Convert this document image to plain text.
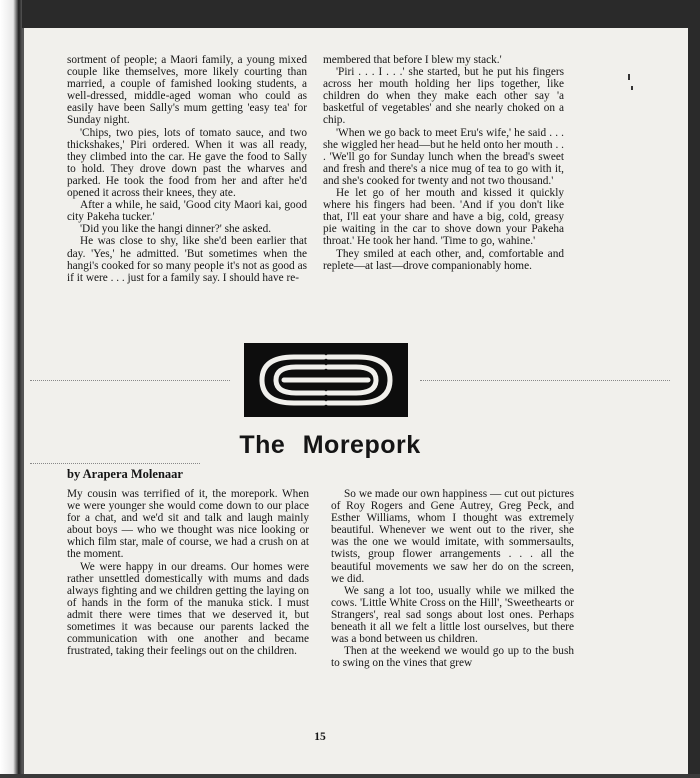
sortment of people; a Maori family, a young mixed couple like themselves, more likely courting than married, a couple of famished looking students, a well-dressed, middle-aged woman who could as easily have been Sally's mum getting 'easy tea' for Sunday night.

'Chips, two pies, lots of tomato sauce, and two thickshakes,' Piri ordered. When it was all ready, they climbed into the car. He gave the food to Sally to hold. They drove down past the wharves and parked. He took the food from her and after he'd opened it across their knees, they ate.

After a while, he said, 'Good city Maori kai, good city Pakeha tucker.'

'Did you like the hangi dinner?' she asked.

He was close to shy, like she'd been earlier that day. 'Yes,' he admitted. 'But sometimes when the hangi's cooked for so many people it's not as good as if it were . . . just for a family say. I should have re-

membered that before I blew my stack.'

'Piri . . . I . . .' she started, but he put his fingers across her mouth holding her lips together, like children do when they make each other say 'a basketful of vegetables' and she nearly choked on a chip.

'When we go back to meet Eru's wife,' he said . . . she wiggled her head—but he held onto her mouth . . . 'We'll go for Sunday lunch when the bread's sweet and fresh and there's a nice mug of tea to go with it, and she's cooked for twenty and not two thousand.'

He let go of her mouth and kissed it quickly where his fingers had been. 'And if you don't like that, I'll eat your share and have a big, cold, greasy pie waiting in the car to shove down your Pakeha throat.' He took her hand. 'Time to go, wahine.'

They smiled at each other, and, comfortable and replete—at last—drove companionably home.

The Morepork
by Arapera Molenaar

My cousin was terrified of it, the morepork. When we were younger she would come down to our place for a chat, and we'd sit and talk and laugh mainly about boys — who we thought was nice looking or which film star, male of course, we had a crush on at the moment.

We were happy in our dreams. Our homes were rather unsettled domestically with mums and dads always fighting and we children getting the laying on of hands in the form of the manuka stick. I must admit there were times that we deserved it, but sometimes it was because our parents lacked the communication with one another and became frustrated, taking their feelings out on the children.

So we made our own happiness — cut out pictures of Roy Rogers and Gene Autrey, Greg Peck, and Esther Williams, whom I thought was extremely beautiful. Whenever we went out to the river, she was the one we would imitate, with sommersaults, twists, group flower arrangements . . . all the beautiful movements we saw her do on the screen, we did.

We sang a lot too, usually while we milked the cows. 'Little White Cross on the Hill', 'Sweethearts or Strangers', real sad songs about lost ones. Perhaps beneath it all we felt a little lost ourselves, but there was a bond between us children.

Then at the weekend we would go up to the bush to swing on the vines that grew

15
